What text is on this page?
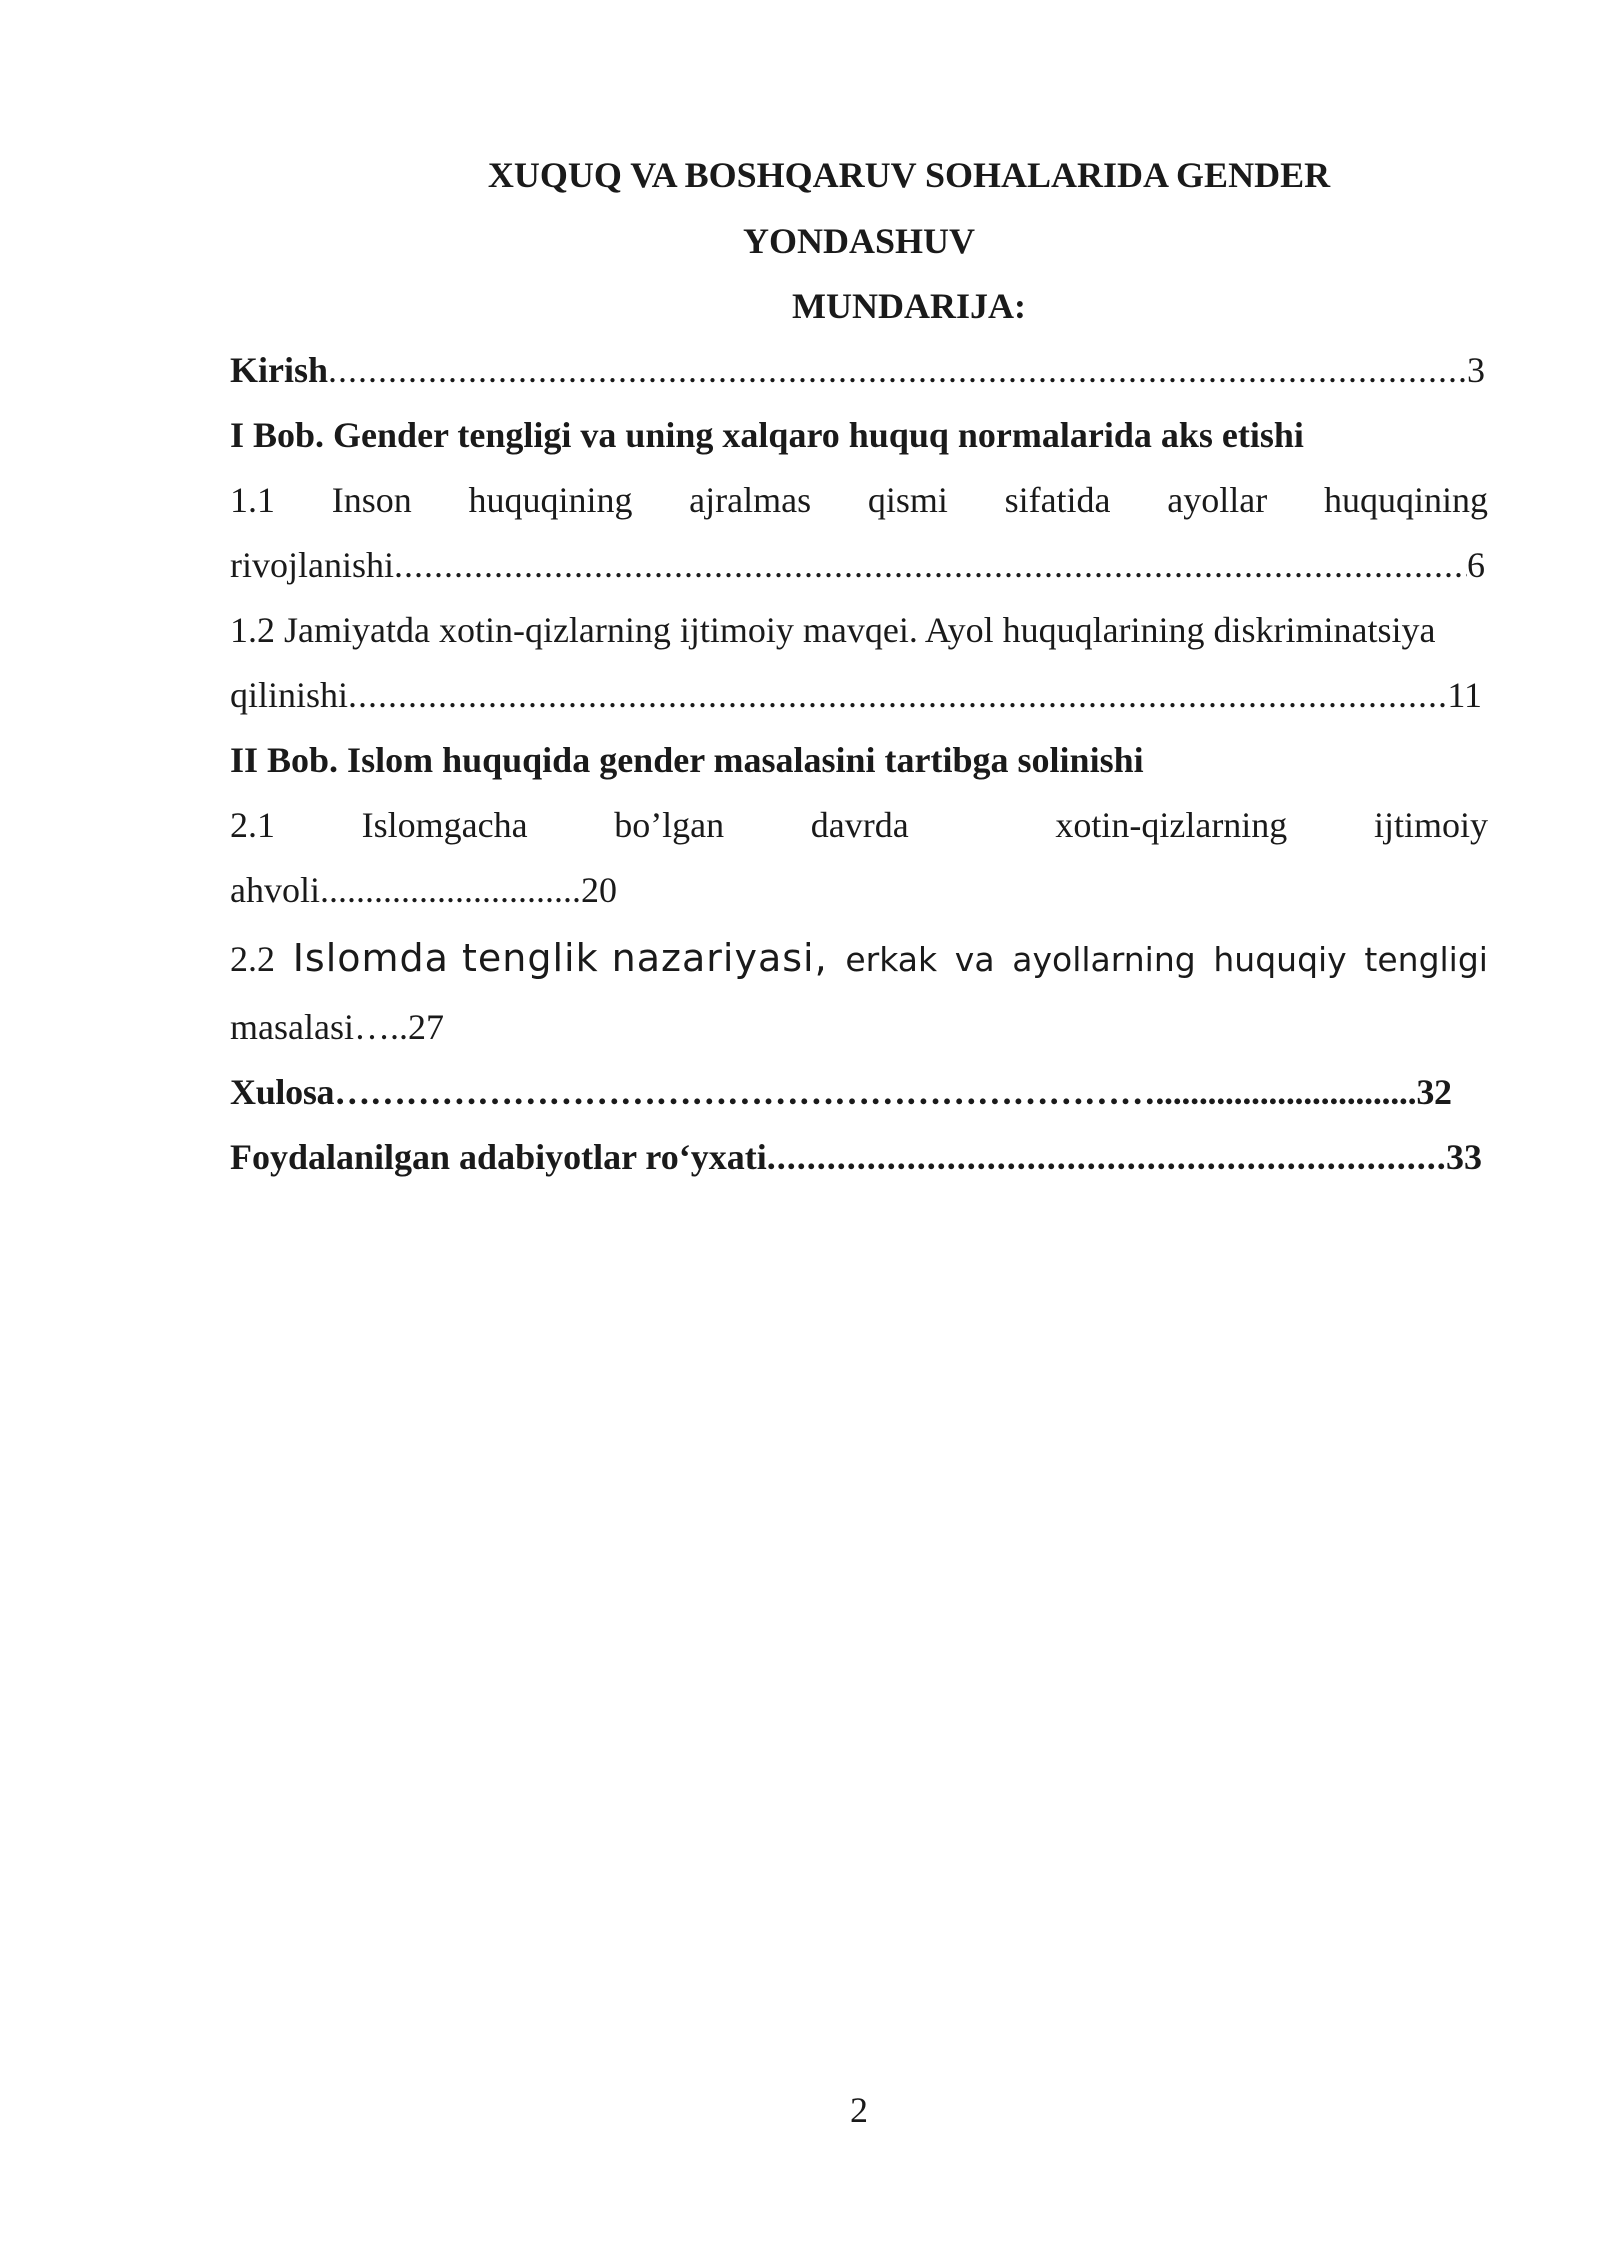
XUQUQ VA BOSHQARUV SOHALARIDA GENDER
YONDASHUV
MUNDARIJA:
Kirish .....	3
I Bob. Gender tengligi va uning xalqaro huquq normalarida aks etishi
1.1 Inson huquqining ajralmas qismi sifatida ayollar huquqining
rivojlanishi .....	6
1.2 Jamiyatda xotin-qizlarning ijtimoiy mavqei. Ayol huquqlarining diskriminatsiya
qilinishi .....	11
II Bob. Islom huquqida gender masalasini tartibga solinishi
2.1 Islomgacha bo’lgan davrda	xotin-qizlarning ijtimoiy
ahvoli.............................20
2.2 Islomda tenglik nazariyasi, erkak va ayollarning huquqiy tengligi
masalasi…..27
Xulosa……………………………………………………………..............................32
Foydalanilgan adabiyotlar ro‘yxati .....	33
2
